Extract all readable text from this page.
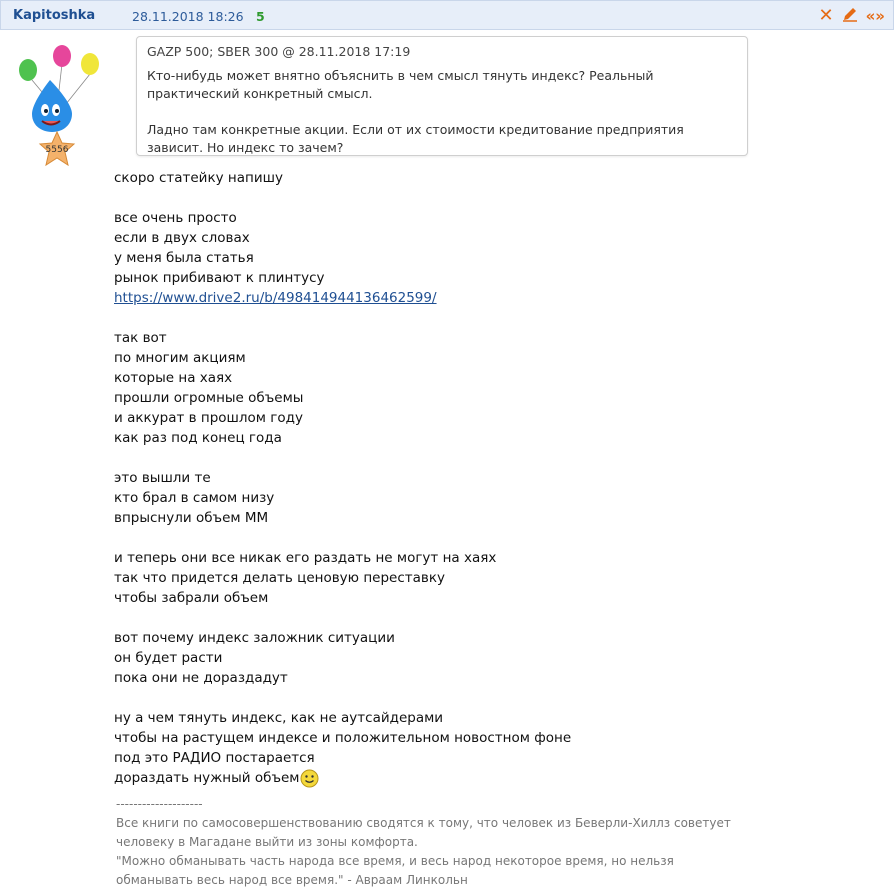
Kapitoshka	28.11.2018 18:26 5	✕ «»
5556
GAZP 500; SBER 300 @ 28.11.2018 17:19

Кто-нибудь может внятно объяснить в чем смысл тянуть индекс? Реальный практический конкретный смысл.

Ладно там конкретные акции. Если от их стоимости кредитование предприятия зависит. Но индекс то зачем?

скоро статейку напишу
все очень просто
если в двух словах
у меня была статья
рынок прибивают к плинтусу
https://www.drive2.ru/b/498414944136462599/
так вот
по многим акциям
которые на хаях
прошли огромные объемы
и аккурат в прошлом году
как раз под конец года
это вышли те
кто брал в самом низу
впрыснули объем ММ
и теперь они все никак его раздать не могут на хаях
так что придется делать ценовую переставку
чтобы забрали объем
вот почему индекс заложник ситуации
он будет расти
пока они не дораздадут
ну а чем тянуть индекс, как не аутсайдерами
чтобы на растущем индексе и положительном новостном фоне
под это РАДИО постарается
дораздать нужный объем
--------------------
Все книги по самосовершенствованию сводятся к тому, что человек из Беверли-Хиллз советует
человеку в Магадане выйти из зоны комфорта.
"Можно обманывать часть народа все время, и весь народ некоторое время, но нельзя
обманывать весь народ все время." - Авраам Линкольн
